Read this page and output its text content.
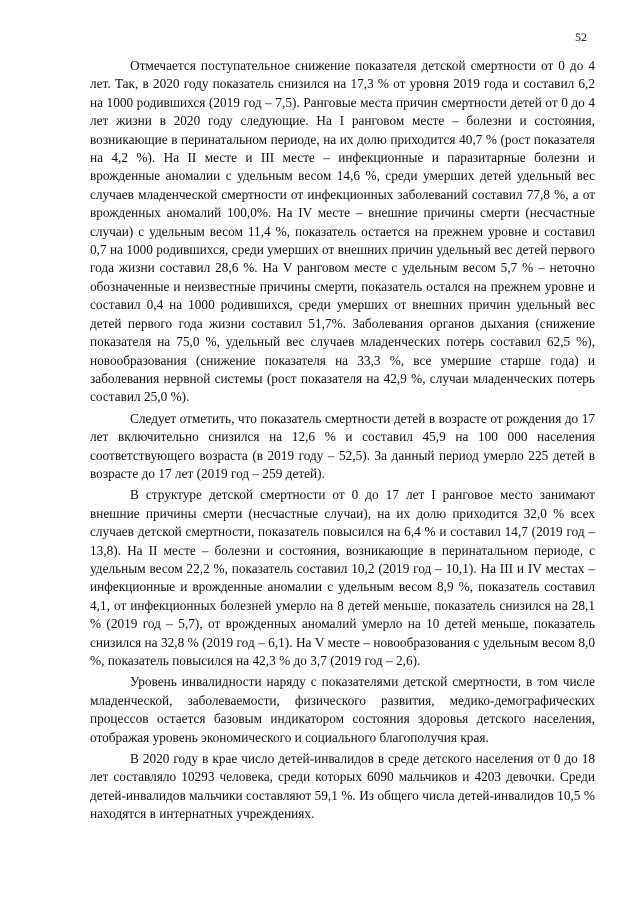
52

Отмечается поступательное снижение показателя детской смертности от 0 до 4 лет. Так, в 2020 году показатель снизился на 17,3 % от уровня 2019 года и составил 6,2 на 1000 родившихся (2019 год – 7,5). Ранговые места причин смертности детей от 0 до 4 лет жизни в 2020 году следующие. На I ранговом месте – болезни и состояния, возникающие в перинатальном периоде, на их долю приходится 40,7 % (рост показателя на 4,2 %). На II месте и III месте – инфекционные и паразитарные болезни и врожденные аномалии с удельным весом 14,6 %, среди умерших детей удельный вес случаев младенческой смертности от инфекционных заболеваний составил 77,8 %, а от врожденных аномалий 100,0%. На IV месте – внешние причины смерти (несчастные случаи) с удельным весом 11,4 %, показатель остается на прежнем уровне и составил 0,7 на 1000 родившихся, среди умерших от внешних причин удельный вес детей первого года жизни составил 28,6 %. На V ранговом месте с удельным весом 5,7 % – неточно обозначенные и неизвестные причины смерти, показатель остался на прежнем уровне и составил 0,4 на 1000 родившихся, среди умерших от внешних причин удельный вес детей первого года жизни составил 51,7%. Заболевания органов дыхания (снижение показателя на 75,0 %, удельный вес случаев младенческих потерь составил 62,5 %), новообразования (снижение показателя на 33,3 %, все умершие старше года) и заболевания нервной системы (рост показателя на 42,9 %, случаи младенческих потерь составил 25,0 %).

Следует отметить, что показатель смертности детей в возрасте от рождения до 17 лет включительно снизился на 12,6 % и составил 45,9 на 100 000 населения соответствующего возраста (в 2019 году – 52,5). За данный период умерло 225 детей в возрасте до 17 лет (2019 год – 259 детей).

В структуре детской смертности от 0 до 17 лет I ранговое место занимают внешние причины смерти (несчастные случаи), на их долю приходится 32,0 % всех случаев детской смертности, показатель повысился на 6,4 % и составил 14,7 (2019 год – 13,8). На II месте – болезни и состояния, возникающие в перинатальном периоде, с удельным весом 22,2 %, показатель составил 10,2 (2019 год – 10,1). На III и IV местах – инфекционные и врожденные аномалии с удельным весом 8,9 %, показатель составил 4,1, от инфекционных болезней умерло на 8 детей меньше, показатель снизился на 28,1 % (2019 год – 5,7), от врожденных аномалий умерло на 10 детей меньше, показатель снизился на 32,8 % (2019 год – 6,1). На V месте – новообразования с удельным весом 8,0 %, показатель повысился на 42,3 % до 3,7 (2019 год – 2,6).

Уровень инвалидности наряду с показателями детской смертности, в том числе младенческой, заболеваемости, физического развития, медико-демографических процессов остается базовым индикатором состояния здоровья детского населения, отображая уровень экономического и социального благополучия края.

В 2020 году в крае число детей-инвалидов в среде детского населения от 0 до 18 лет составляло 10293 человека, среди которых 6090 мальчиков и 4203 девочки. Среди детей-инвалидов мальчики составляют 59,1 %. Из общего числа детей-инвалидов 10,5 % находятся в интернатных учреждениях.
